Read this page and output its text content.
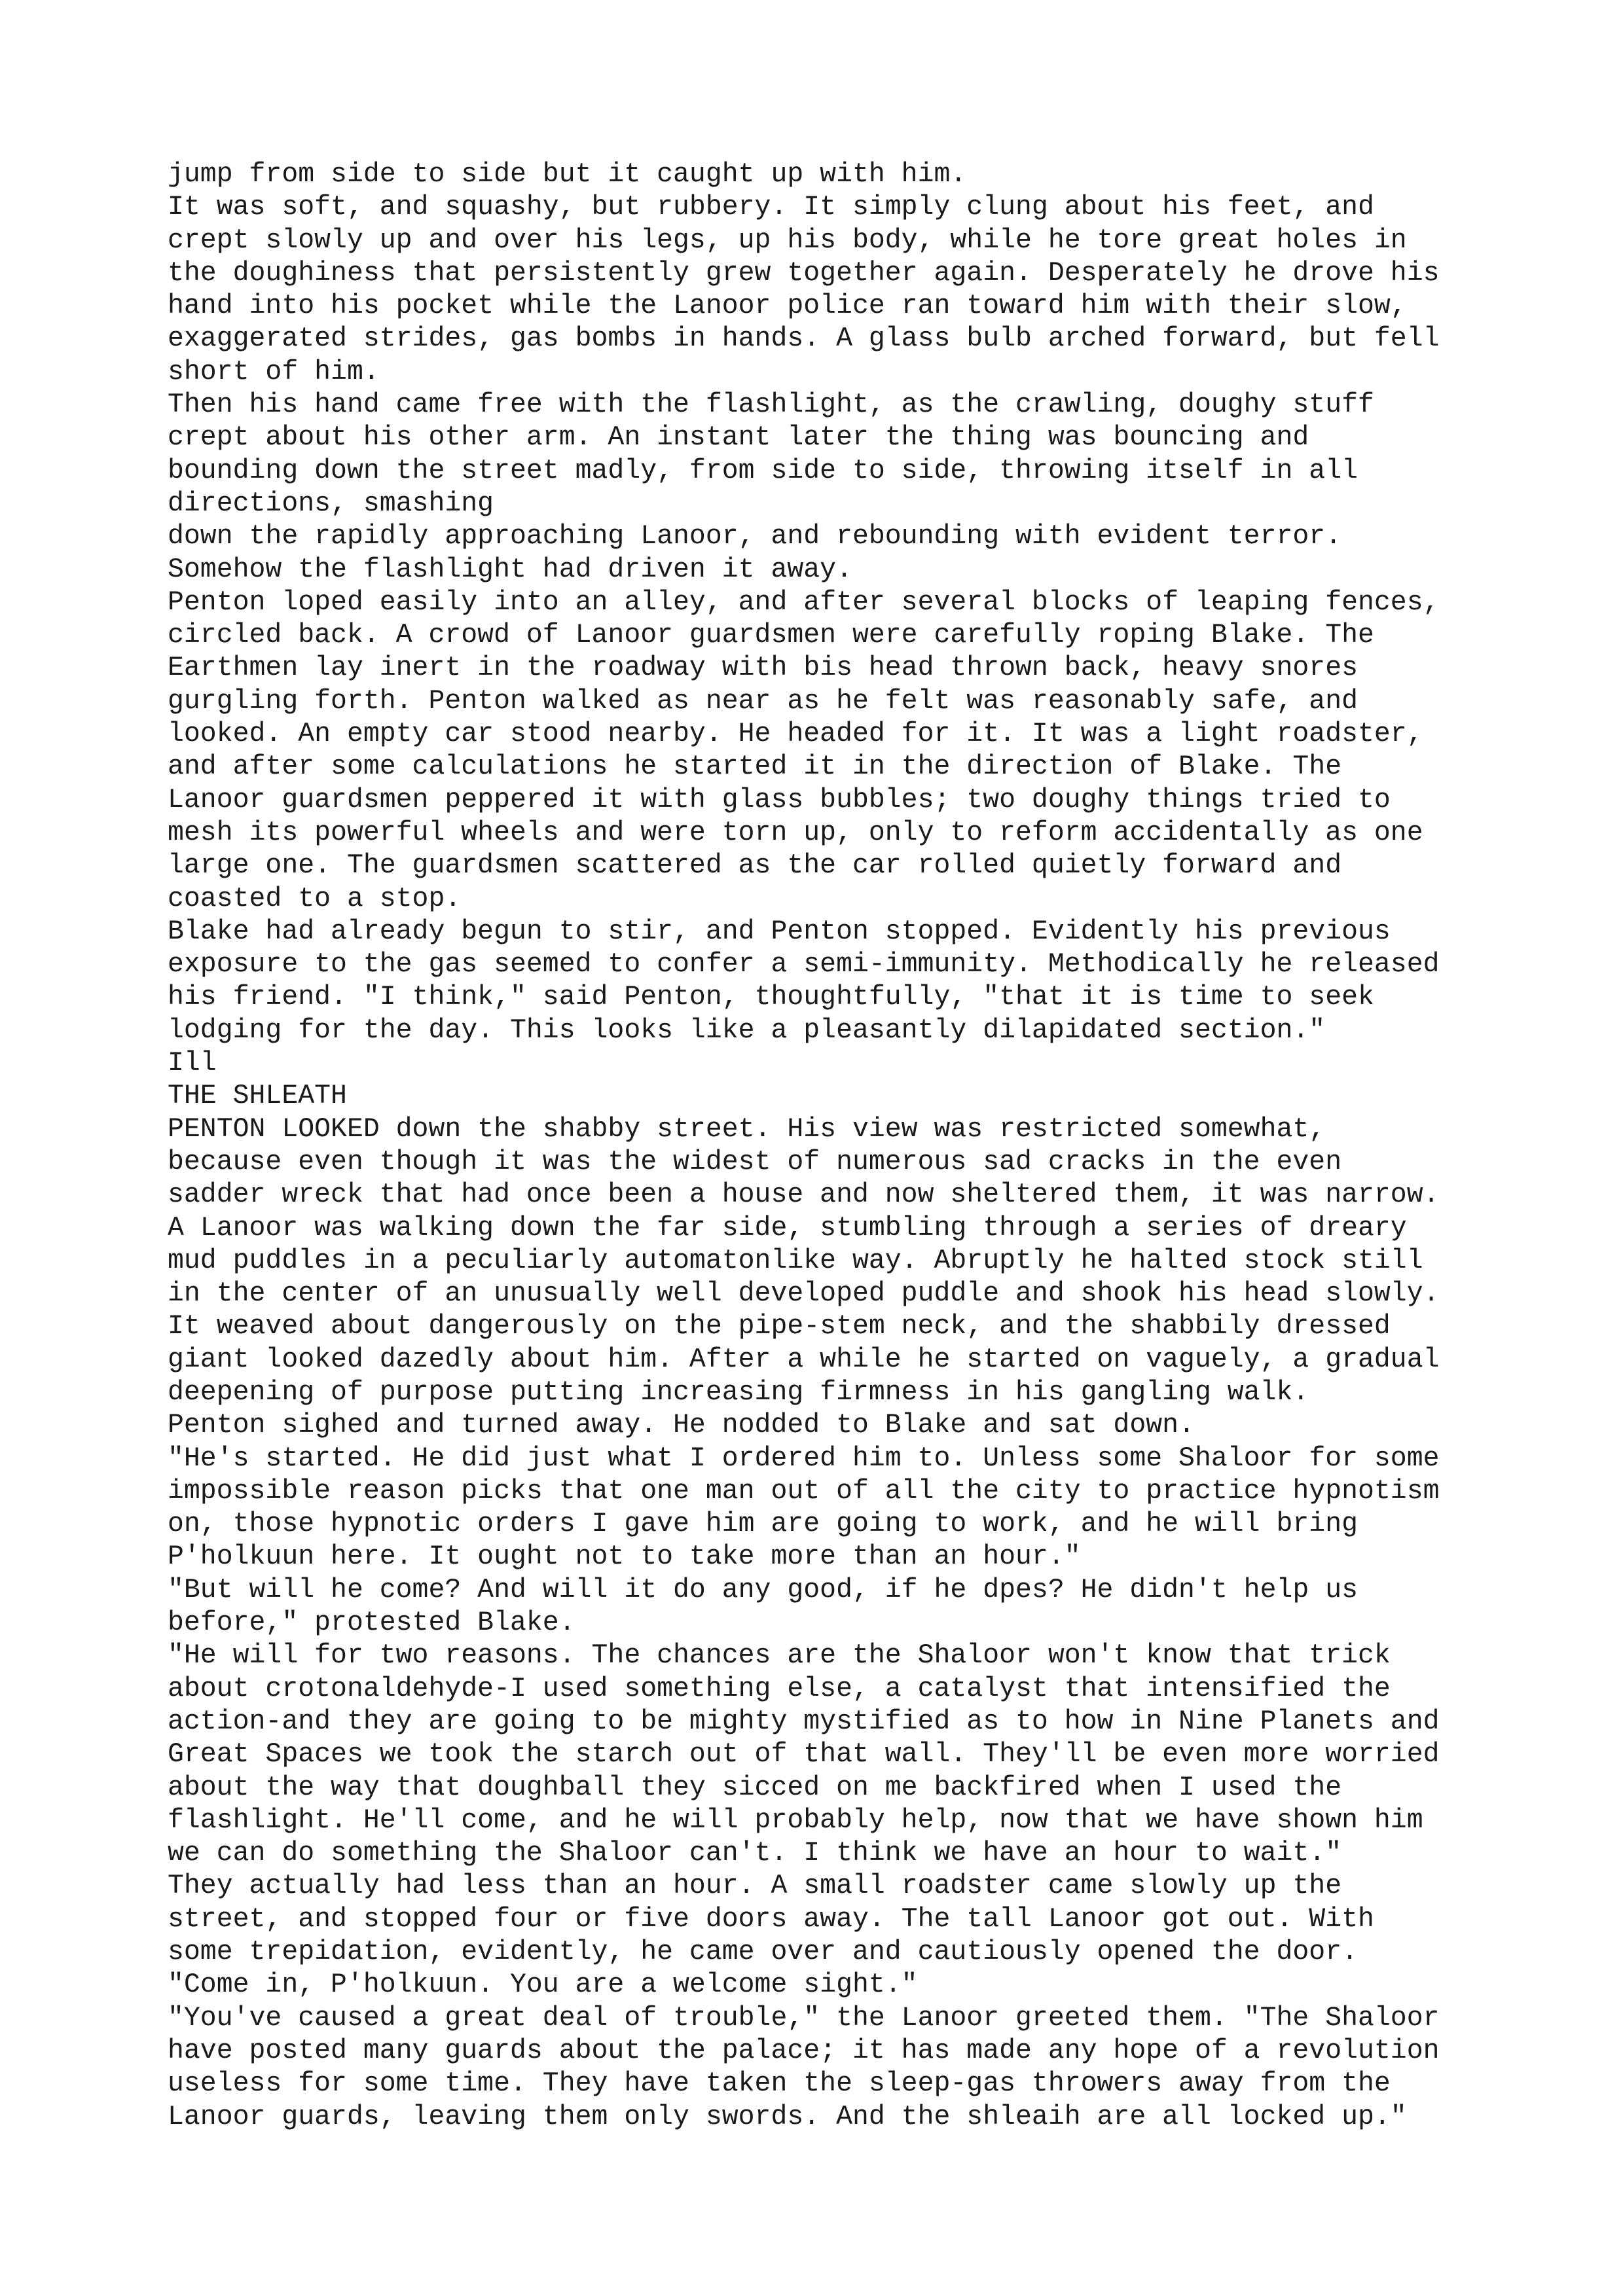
jump from side to side but it caught up with him.
It was soft, and squashy, but rubbery. It simply clung about his feet, and
crept slowly up and over his legs, up his body, while he tore great holes in
the doughiness that persistently grew together again. Desperately he drove his
hand into his pocket while the Lanoor police ran toward him with their slow,
exaggerated strides, gas bombs in hands. A glass bulb arched forward, but fell
short of him.
Then his hand came free with the flashlight, as the crawling, doughy stuff
crept about his other arm. An instant later the thing was bouncing and
bounding down the street madly, from side to side, throwing itself in all
directions, smashing
down the rapidly approaching Lanoor, and rebounding with evident terror.
Somehow the flashlight had driven it away.
Penton loped easily into an alley, and after several blocks of leaping fences,
circled back. A crowd of Lanoor guardsmen were carefully roping Blake. The
Earthmen lay inert in the roadway with bis head thrown back, heavy snores
gurgling forth. Penton walked as near as he felt was reasonably safe, and
looked. An empty car stood nearby. He headed for it. It was a light roadster,
and after some calculations he started it in the direction of Blake. The
Lanoor guardsmen peppered it with glass bubbles; two doughy things tried to
mesh its powerful wheels and were torn up, only to reform accidentally as one
large one. The guardsmen scattered as the car rolled quietly forward and
coasted to a stop.
Blake had already begun to stir, and Penton stopped. Evidently his previous
exposure to the gas seemed to confer a semi-immunity. Methodically he released
his friend. "I think," said Penton, thoughtfully, "that it is time to seek
lodging for the day. This looks like a pleasantly dilapidated section."
Ill
THE SHLEATH
PENTON LOOKED down the shabby street. His view was restricted somewhat,
because even though it was the widest of numerous sad cracks in the even
sadder wreck that had once been a house and now sheltered them, it was narrow.
A Lanoor was walking down the far side, stumbling through a series of dreary
mud puddles in a peculiarly automatonlike way. Abruptly he halted stock still
in the center of an unusually well developed puddle and shook his head slowly.
It weaved about dangerously on the pipe-stem neck, and the shabbily dressed
giant looked dazedly about him. After a while he started on vaguely, a gradual
deepening of purpose putting increasing firmness in his gangling walk.
Penton sighed and turned away. He nodded to Blake and sat down.
"He's started. He did just what I ordered him to. Unless some Shaloor for some
impossible reason picks that one man out of all the city to practice hypnotism
on, those hypnotic orders I gave him are going to work, and he will bring
P'holkuun here. It ought not to take more than an hour."
"But will he come? And will it do any good, if he dpes? He didn't help us
before," protested Blake.
"He will for two reasons. The chances are the Shaloor won't know that trick
about crotonaldehyde-I used something else, a catalyst that intensified the
action-and they are going to be mighty mystified as to how in Nine Planets and
Great Spaces we took the starch out of that wall. They'll be even more worried
about the way that doughball they sicced on me backfired when I used the
flashlight. He'll come, and he will probably help, now that we have shown him
we can do something the Shaloor can't. I think we have an hour to wait."
They actually had less than an hour. A small roadster came slowly up the
street, and stopped four or five doors away. The tall Lanoor got out. With
some trepidation, evidently, he came over and cautiously opened the door.
"Come in, P'holkuun. You are a welcome sight."
"You've caused a great deal of trouble," the Lanoor greeted them. "The Shaloor
have posted many guards about the palace; it has made any hope of a revolution
useless for some time. They have taken the sleep-gas throwers away from the
Lanoor guards, leaving them only swords. And the shleaih are all locked up."
